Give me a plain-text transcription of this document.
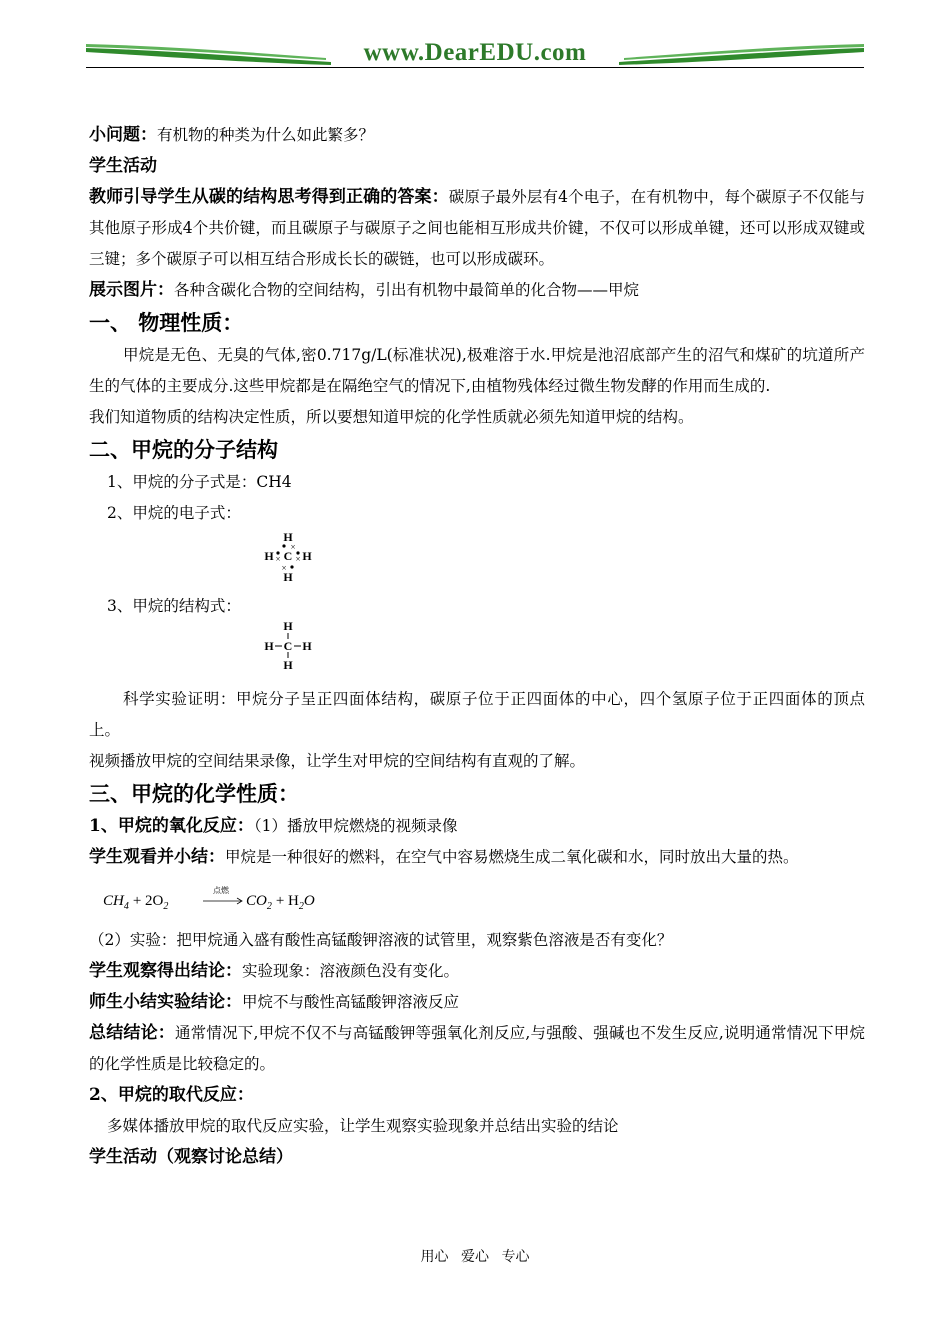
www.DearEDU.com

小问题：有机物的种类为什么如此繁多？

学生活动

教师引导学生从碳的结构思考得到正确的答案：碳原子最外层有4个电子，在有机物中，每个碳原子不仅能与其他原子形成4个共价键，而且碳原子与碳原子之间也能相互形成共价键，不仅可以形成单键，还可以形成双键或三键；多个碳原子可以相互结合形成长长的碳链，也可以形成碳环。

展示图片：各种含碳化合物的空间结构，引出有机物中最简单的化合物——甲烷

一、 物理性质：

甲烷是无色、无臭的气体,密0.717g/L(标准状况),极难溶于水.甲烷是池沼底部产生的沼气和煤矿的坑道所产生的气体的主要成分.这些甲烷都是在隔绝空气的情况下,由植物残体经过微生物发酵的作用而生成的.

我们知道物质的结构决定性质，所以要想知道甲烷的化学性质就必须先知道甲烷的结构。

二、甲烷的分子结构

1、甲烷的分子式是：CH4

2、甲烷的电子式：

H
C
H H
H
×
× ×
×

3、甲烷的结构式：

H
C
H H
H

科学实验证明：甲烷分子呈正四面体结构，碳原子位于正四面体的中心，四个氢原子位于正四面体的顶点上。

视频播放甲烷的空间结果录像，让学生对甲烷的空间结构有直观的了解。

三、甲烷的化学性质：

1、甲烷的氧化反应：（1）播放甲烷燃烧的视频录像

学生观看并小结：甲烷是一种很好的燃料，在空气中容易燃烧生成二氧化碳和水，同时放出大量的热。

$CH_4 + 2O_2$
点燃
$CO_2 + H_2O$

（2）实验：把甲烷通入盛有酸性高锰酸钾溶液的试管里，观察紫色溶液是否有变化？

学生观察得出结论：实验现象：溶液颜色没有变化。

师生小结实验结论：甲烷不与酸性高锰酸钾溶液反应

总结结论：通常情况下,甲烷不仅不与高锰酸钾等强氧化剂反应,与强酸、强碱也不发生反应,说明通常情况下甲烷的化学性质是比较稳定的。

2、甲烷的取代反应：

多媒体播放甲烷的取代反应实验，让学生观察实验现象并总结出实验的结论

学生活动（观察讨论总结）

用心 爱心 专心
